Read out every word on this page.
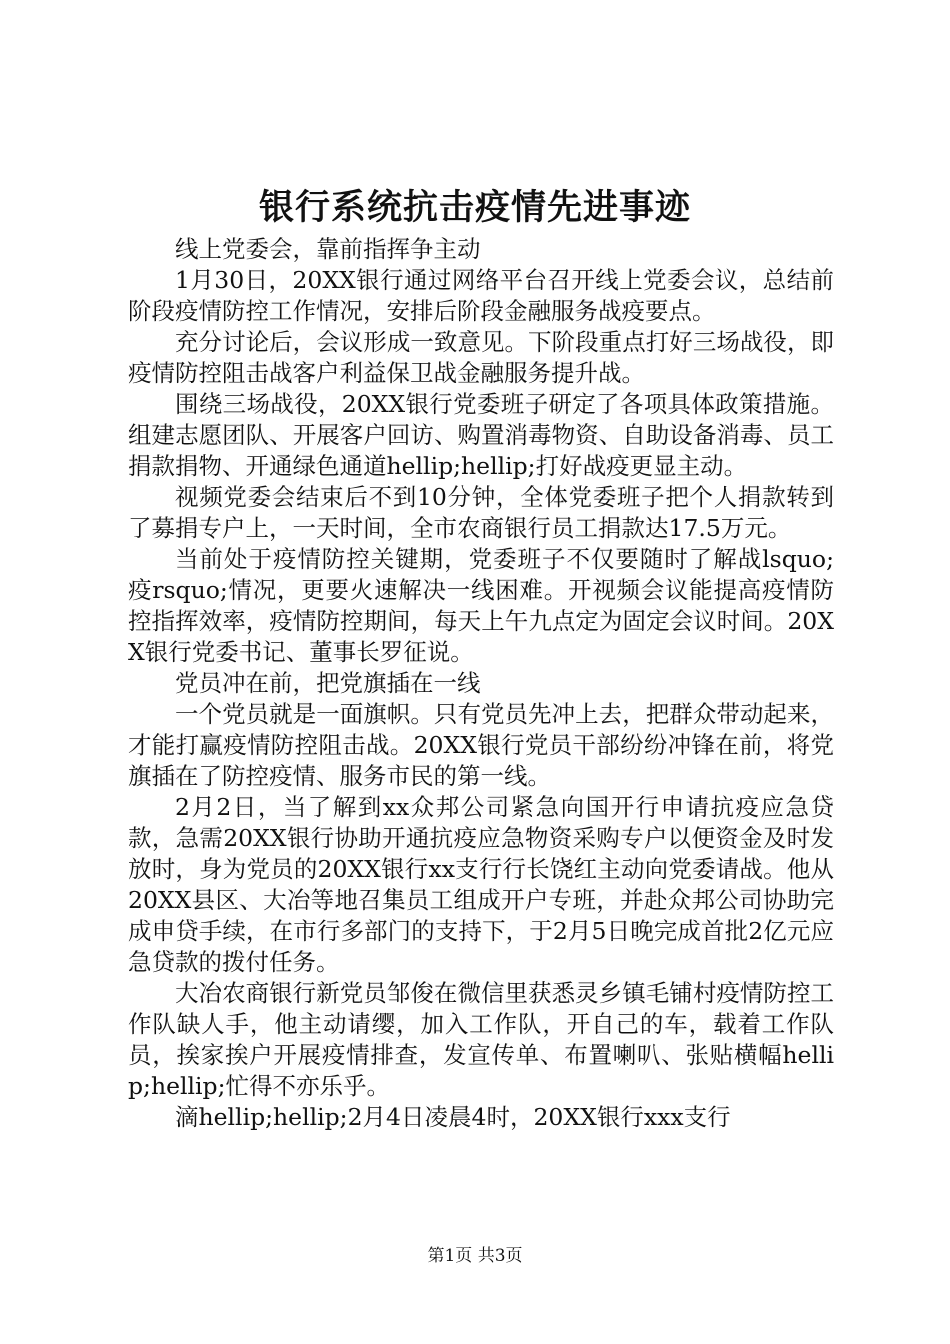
银行系统抗击疫情先进事迹

线上党委会，靠前指挥争主动

1月30日，20XX银行通过网络平台召开线上党委会议，总结前阶段疫情防控工作情况，安排后阶段金融服务战疫要点。

充分讨论后，会议形成一致意见。下阶段重点打好三场战役，即疫情防控阻击战客户利益保卫战金融服务提升战。

围绕三场战役，20XX银行党委班子研定了各项具体政策措施。组建志愿团队、开展客户回访、购置消毒物资、自助设备消毒、员工捐款捐物、开通绿色通道hellip;hellip;打好战疫更显主动。

视频党委会结束后不到10分钟，全体党委班子把个人捐款转到了募捐专户上，一天时间，全市农商银行员工捐款达17.5万元。

当前处于疫情防控关键期，党委班子不仅要随时了解战lsquo;疫rsquo;情况，更要火速解决一线困难。开视频会议能提高疫情防控指挥效率，疫情防控期间，每天上午九点定为固定会议时间。20XX银行党委书记、董事长罗征说。

党员冲在前，把党旗插在一线

一个党员就是一面旗帜。只有党员先冲上去，把群众带动起来，才能打赢疫情防控阻击战。20XX银行党员干部纷纷冲锋在前，将党旗插在了防控疫情、服务市民的第一线。

2月2日，当了解到xx众邦公司紧急向国开行申请抗疫应急贷款，急需20XX银行协助开通抗疫应急物资采购专户以便资金及时发放时，身为党员的20XX银行xx支行行长饶红主动向党委请战。他从20XX县区、大冶等地召集员工组成开户专班，并赴众邦公司协助完成申贷手续，在市行多部门的支持下，于2月5日晚完成首批2亿元应急贷款的拨付任务。

大冶农商银行新党员邹俊在微信里获悉灵乡镇毛铺村疫情防控工作队缺人手，他主动请缨，加入工作队，开自己的车，载着工作队员，挨家挨户开展疫情排查，发宣传单、布置喇叭、张贴横幅hellip;hellip;忙得不亦乐乎。

滴hellip;hellip;2月4日凌晨4时，20XX银行xxx支行

第1页 共3页
